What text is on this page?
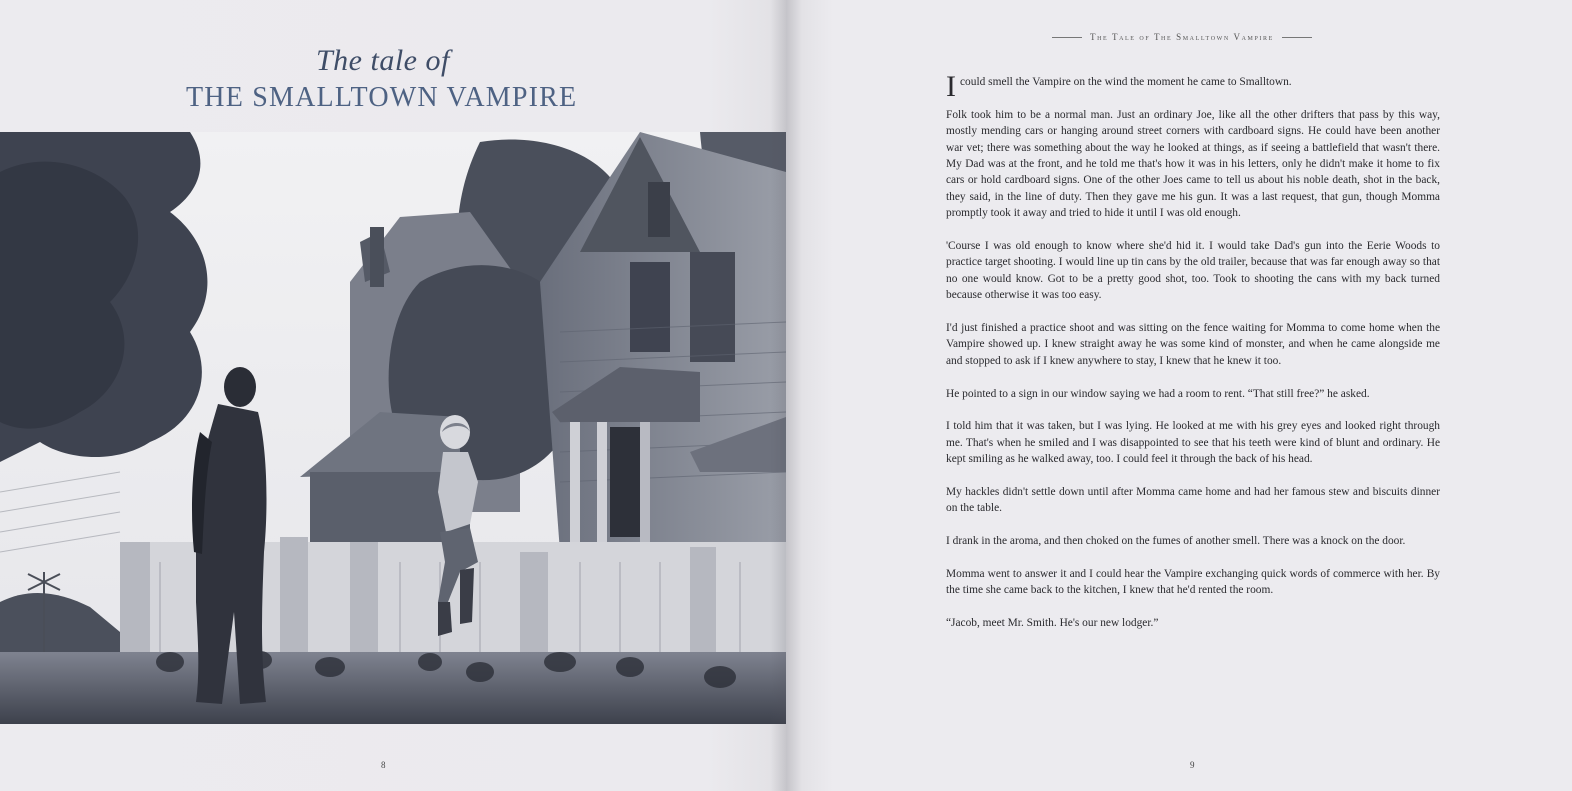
The tale of
THE SMALLTOWN VAMPIRE
8
The Tale of The Smalltown Vampire

I could smell the Vampire on the wind the moment he came to Smalltown.

Folk took him to be a normal man. Just an ordinary Joe, like all the other drifters that pass by this way, mostly mending cars or hanging around street corners with cardboard signs. He could have been another war vet; there was something about the way he looked at things, as if seeing a battlefield that wasn't there. My Dad was at the front, and he told me that's how it was in his letters, only he didn't make it home to fix cars or hold cardboard signs. One of the other Joes came to tell us about his noble death, shot in the back, they said, in the line of duty. Then they gave me his gun. It was a last request, that gun, though Momma promptly took it away and tried to hide it until I was old enough.

'Course I was old enough to know where she'd hid it. I would take Dad's gun into the Eerie Woods to practice target shooting. I would line up tin cans by the old trailer, because that was far enough away so that no one would know. Got to be a pretty good shot, too. Took to shooting the cans with my back turned because otherwise it was too easy.

I'd just finished a practice shoot and was sitting on the fence waiting for Momma to come home when the Vampire showed up. I knew straight away he was some kind of monster, and when he came alongside me and stopped to ask if I knew anywhere to stay, I knew that he knew it too.

He pointed to a sign in our window saying we had a room to rent. “That still free?” he asked.

I told him that it was taken, but I was lying. He looked at me with his grey eyes and looked right through me. That's when he smiled and I was disappointed to see that his teeth were kind of blunt and ordinary. He kept smiling as he walked away, too. I could feel it through the back of his head.

My hackles didn't settle down until after Momma came home and had her famous stew and biscuits dinner on the table.

I drank in the aroma, and then choked on the fumes of another smell. There was a knock on the door.

Momma went to answer it and I could hear the Vampire exchanging quick words of commerce with her. By the time she came back to the kitchen, I knew that he'd rented the room.

“Jacob, meet Mr. Smith. He's our new lodger.”

9
